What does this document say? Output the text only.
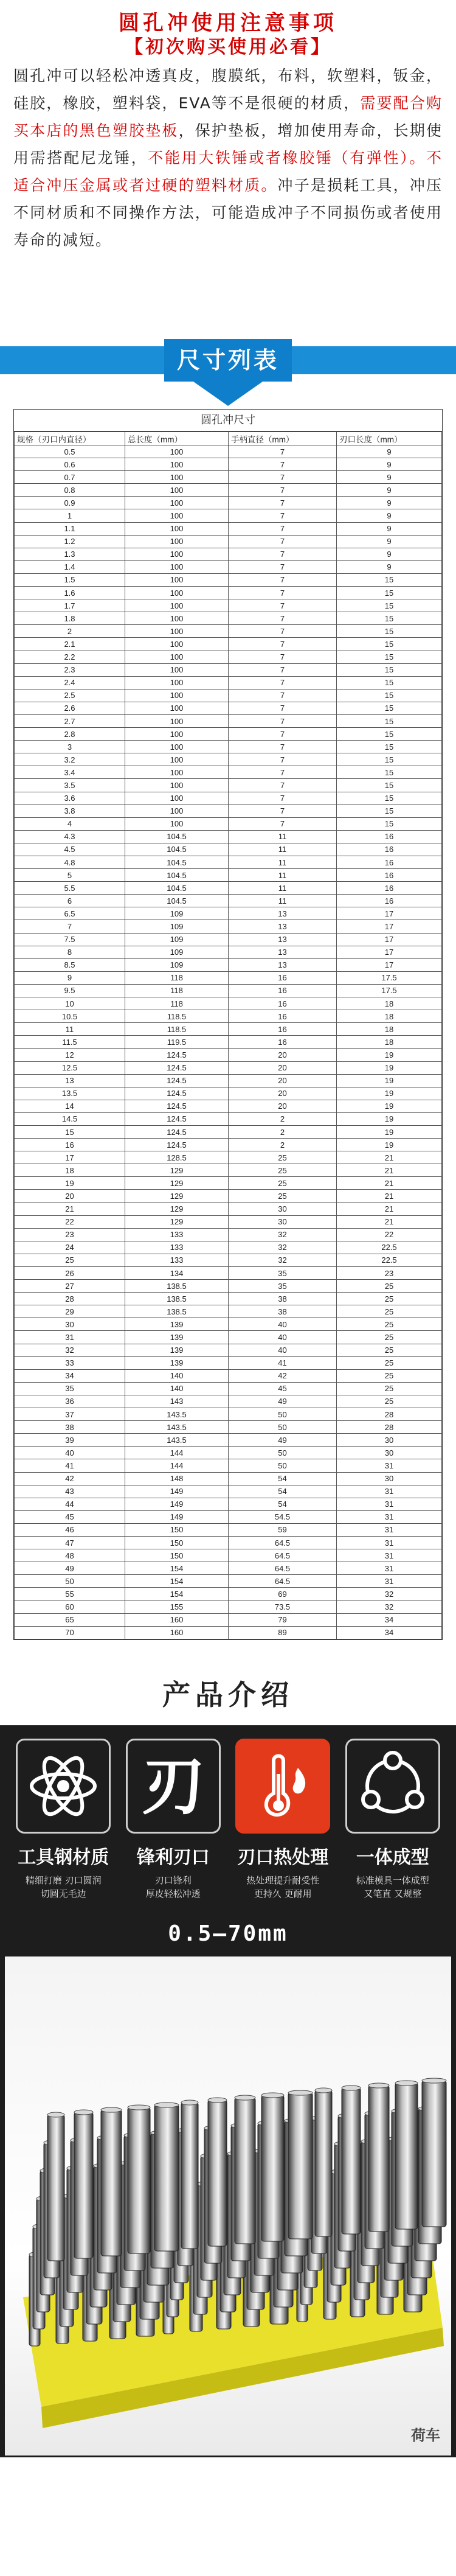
圆孔冲使用注意事项
【初次购买使用必看】

圆孔冲可以轻松冲透真皮，腹膜纸，布料，软塑料，钣金，硅胶，橡胶，塑料袋，EVA等不是很硬的材质，需要配合购买本店的黑色塑胶垫板，保护垫板，增加使用寿命，长期使用需搭配尼龙锤，不能用大铁锤或者橡胶锤（有弹性）。不适合冲压金属或者过硬的塑料材质。冲子是损耗工具，冲压不同材质和不同操作方法，可能造成冲子不同损伤或者使用寿命的减短。

尺寸列表
圆孔冲尺寸
规格（刃口内直径）	总长度（mm）	手柄直径（mm）	刃口长度（mm）
0.5	100	7	9
0.6	100	7	9
0.7	100	7	9
0.8	100	7	9
0.9	100	7	9
1	100	7	9
1.1	100	7	9
1.2	100	7	9
1.3	100	7	9
1.4	100	7	9
1.5	100	7	15
1.6	100	7	15
1.7	100	7	15
1.8	100	7	15
2	100	7	15
2.1	100	7	15
2.2	100	7	15
2.3	100	7	15
2.4	100	7	15
2.5	100	7	15
2.6	100	7	15
2.7	100	7	15
2.8	100	7	15
3	100	7	15
3.2	100	7	15
3.4	100	7	15
3.5	100	7	15
3.6	100	7	15
3.8	100	7	15
4	100	7	15
4.3	104.5	11	16
4.5	104.5	11	16
4.8	104.5	11	16
5	104.5	11	16
5.5	104.5	11	16
6	104.5	11	16
6.5	109	13	17
7	109	13	17
7.5	109	13	17
8	109	13	17
8.5	109	13	17
9	118	16	17.5
9.5	118	16	17.5
10	118	16	18
10.5	118.5	16	18
11	118.5	16	18
11.5	119.5	16	18
12	124.5	20	19
12.5	124.5	20	19
13	124.5	20	19
13.5	124.5	20	19
14	124.5	20	19
14.5	124.5	2	19
15	124.5	2	19
16	124.5	2	19
17	128.5	25	21
18	129	25	21
19	129	25	21
20	129	25	21
21	129	30	21
22	129	30	21
23	133	32	22
24	133	32	22.5
25	133	32	22.5
26	134	35	23
27	138.5	35	25
28	138.5	38	25
29	138.5	38	25
30	139	40	25
31	139	40	25
32	139	40	25
33	139	41	25
34	140	42	25
35	140	45	25
36	143	49	25
37	143.5	50	28
38	143.5	50	28
39	143.5	49	30
40	144	50	30
41	144	50	31
42	148	54	30
43	149	54	31
44	149	54	31
45	149	54.5	31
46	150	59	31
47	150	64.5	31
48	150	64.5	31
49	154	64.5	31
50	154	64.5	31
55	154	69	32
60	155	73.5	32
65	160	79	34
70	160	89	34
产品介绍
工具钢材质
精细打磨 刃口圆润
切圆无毛边
刃
锋利刃口
刃口锋利
厚皮轻松冲透
刃口热处理
热处理提升耐受性
更持久 更耐用
一体成型
标准模具一体成型
又笔直 又规整
0.5–70mm
荷车
